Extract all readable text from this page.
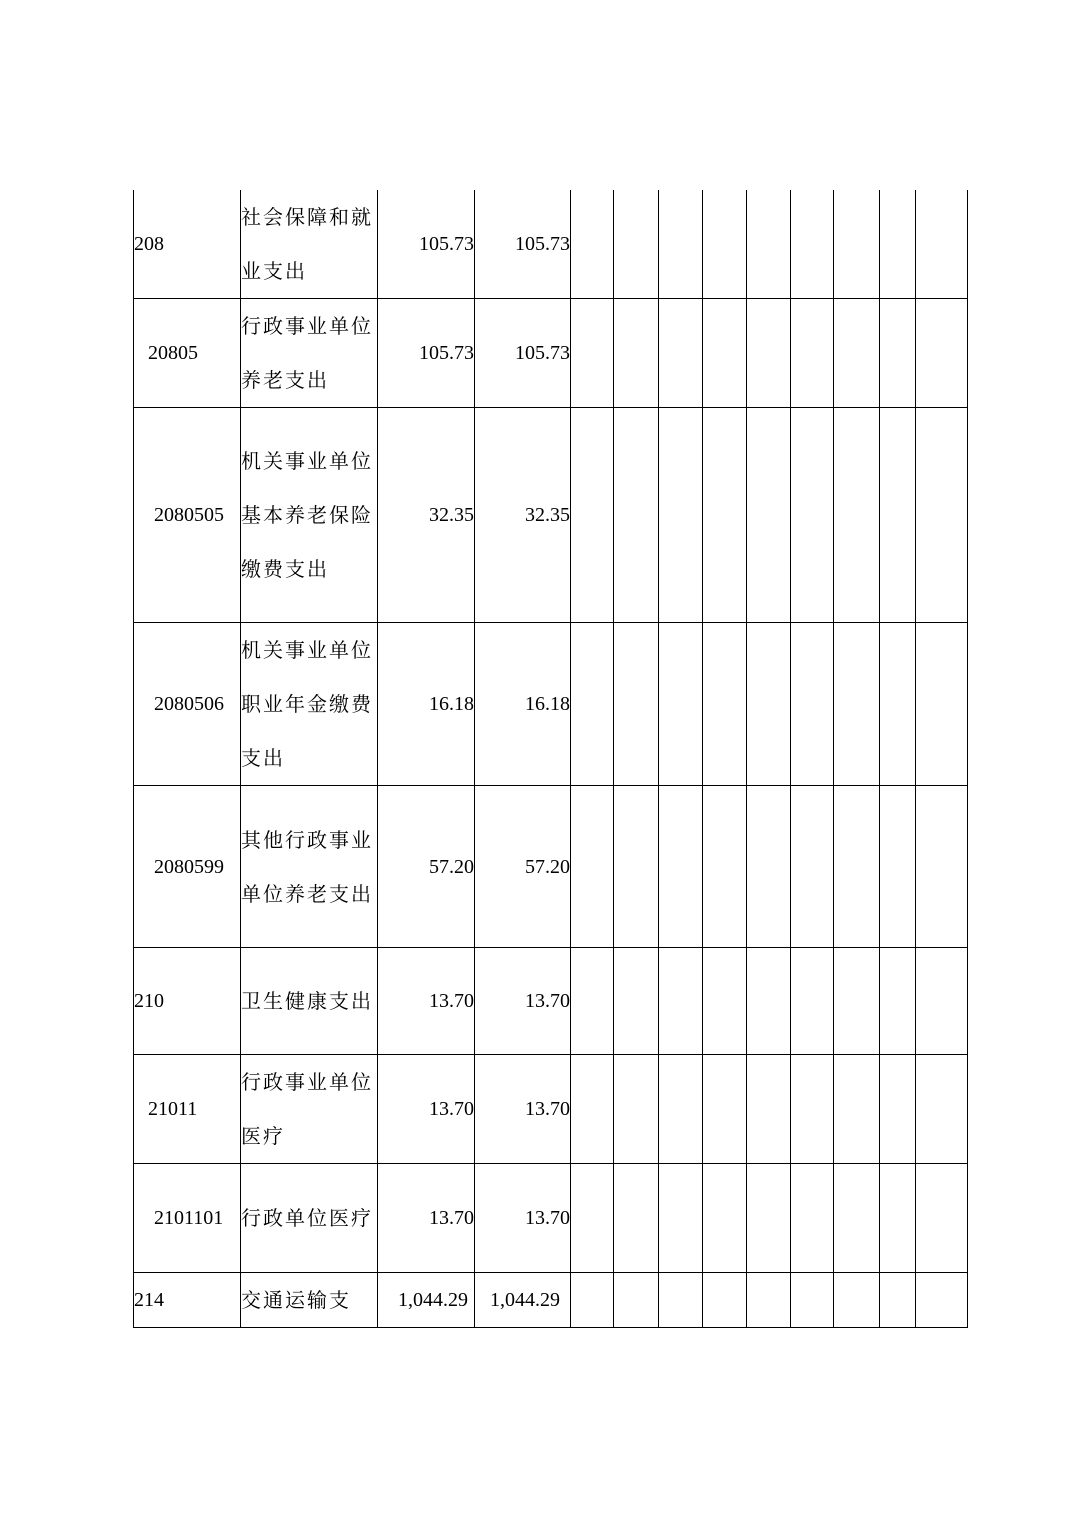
208	社会保障和就业支出	105.73	105.73									
20805	行政事业单位养老支出	105.73	105.73									
2080505	机关事业单位基本养老保险缴费支出	32.35	32.35									
2080506	机关事业单位职业年金缴费支出	16.18	16.18									
2080599	其他行政事业单位养老支出	57.20	57.20									
210	卫生健康支出	13.70	13.70									
21011	行政事业单位医疗	13.70	13.70									
2101101	行政单位医疗	13.70	13.70									
214	交通运输支	1,044.29	1,044.29									
